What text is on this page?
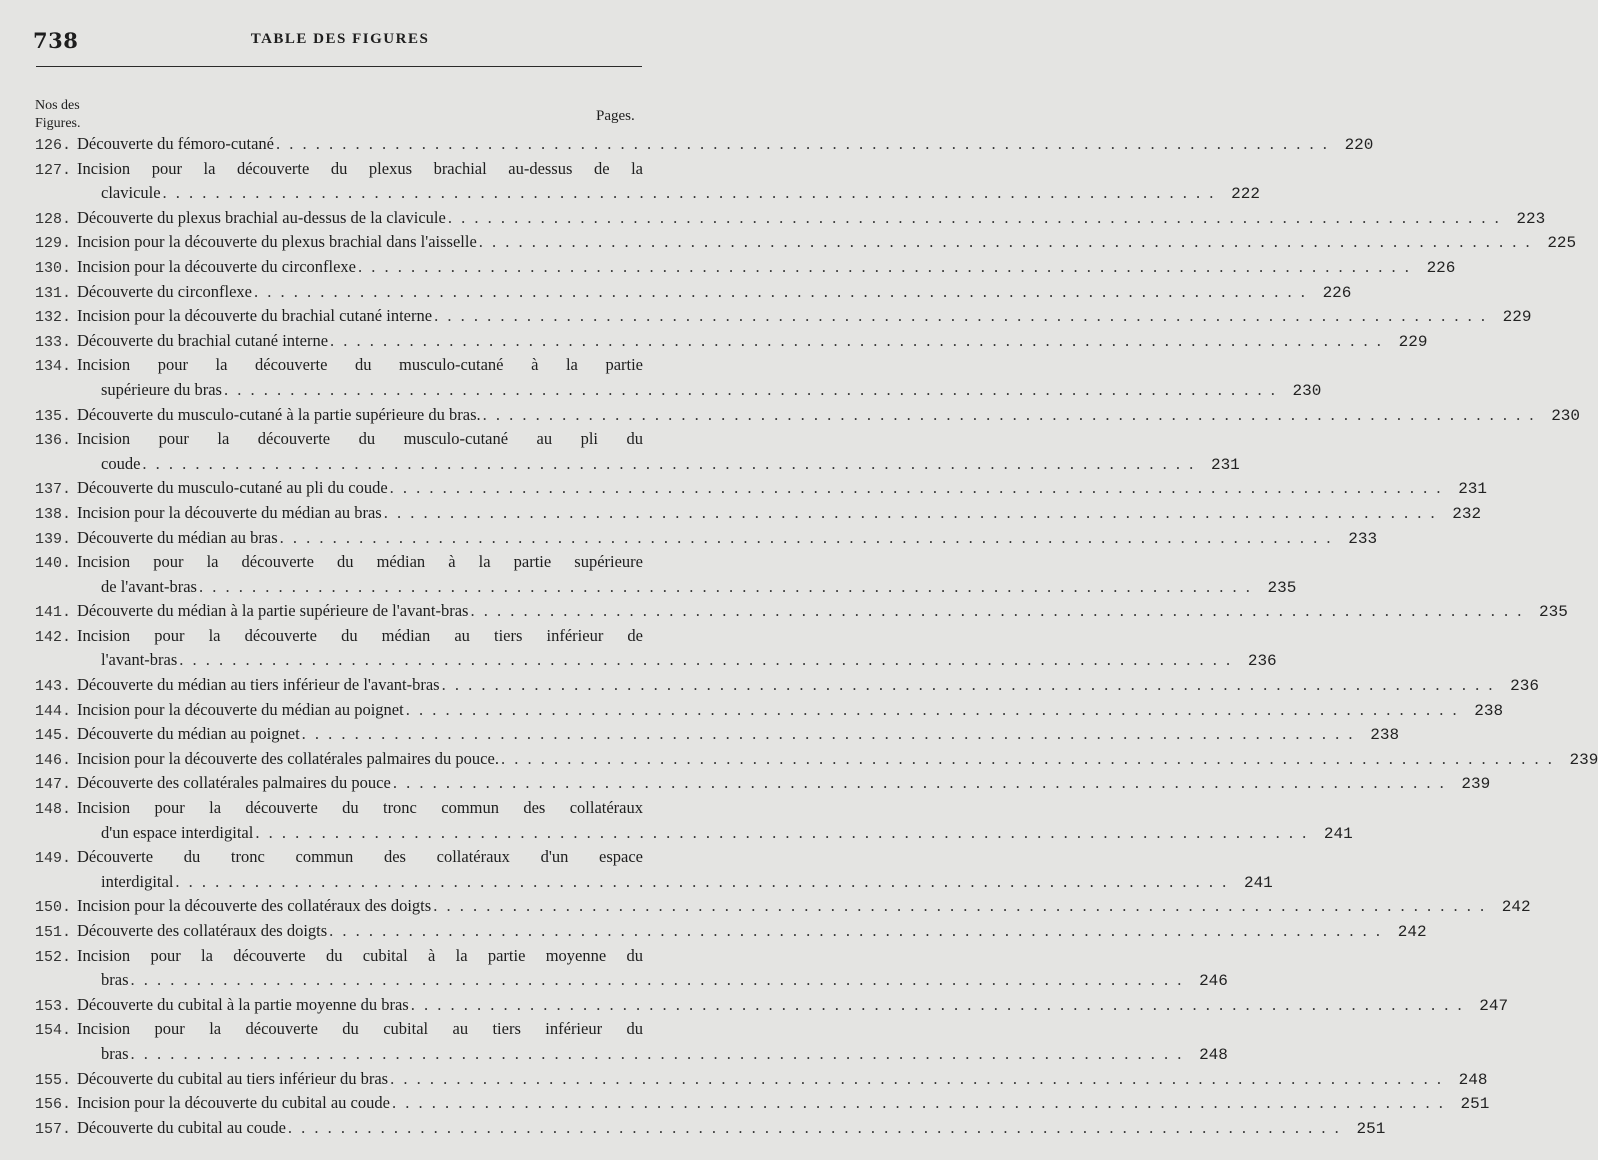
738	TABLE DES FIGURES
Nos des
Figures.	Pages.
126. Découverte du fémoro-cutané . . . . . . . . . . . . . . . . . . . . . . . . . . . . . . . . . . . . . . . . . . . . . . . . . . . . . . . . . . . . . . . . . . . . . . . . . . . . . . . . 220
127. Incision pour la découverte du plexus brachial au-dessus de la
clavicule . . . . . . . . . . . . . . . . . . . . . . . . . . . . . . . . . . . . . . . . . . . . . . . . . . . . . . . . . . . . . . . . . . . . . . . . . . . . . . . . 222
128. Découverte du plexus brachial au-dessus de la clavicule . . . . . . . . . . . . . . . . . . . . . . . . . . . . . . . . . . . . . . . . . . . . . . . . . . . . . . . . . . . . . . . . . . . . . . . . . . . . . . . . 223
129. Incision pour la découverte du plexus brachial dans l'aisselle . . . . . . . . . . . . . . . . . . . . . . . . . . . . . . . . . . . . . . . . . . . . . . . . . . . . . . . . . . . . . . . . . . . . . . . . . . . . . . . . 225
130. Incision pour la découverte du circonflexe . . . . . . . . . . . . . . . . . . . . . . . . . . . . . . . . . . . . . . . . . . . . . . . . . . . . . . . . . . . . . . . . . . . . . . . . . . . . . . . . 226
131. Découverte du circonflexe . . . . . . . . . . . . . . . . . . . . . . . . . . . . . . . . . . . . . . . . . . . . . . . . . . . . . . . . . . . . . . . . . . . . . . . . . . . . . . . . 226
132. Incision pour la découverte du brachial cutané interne . . . . . . . . . . . . . . . . . . . . . . . . . . . . . . . . . . . . . . . . . . . . . . . . . . . . . . . . . . . . . . . . . . . . . . . . . . . . . . . . 229
133. Découverte du brachial cutané interne . . . . . . . . . . . . . . . . . . . . . . . . . . . . . . . . . . . . . . . . . . . . . . . . . . . . . . . . . . . . . . . . . . . . . . . . . . . . . . . . 229
134. Incision pour la découverte du musculo-cutané à la partie
supérieure du bras . . . . . . . . . . . . . . . . . . . . . . . . . . . . . . . . . . . . . . . . . . . . . . . . . . . . . . . . . . . . . . . . . . . . . . . . . . . . . . . . 230
135. Découverte du musculo-cutané à la partie supérieure du bras. . . . . . . . . . . . . . . . . . . . . . . . . . . . . . . . . . . . . . . . . . . . . . . . . . . . . . . . . . . . . . . . . . . . . . . . . . . . . . . . . 230
136. Incision pour la découverte du musculo-cutané au pli du
coude . . . . . . . . . . . . . . . . . . . . . . . . . . . . . . . . . . . . . . . . . . . . . . . . . . . . . . . . . . . . . . . . . . . . . . . . . . . . . . . . 231
137. Découverte du musculo-cutané au pli du coude . . . . . . . . . . . . . . . . . . . . . . . . . . . . . . . . . . . . . . . . . . . . . . . . . . . . . . . . . . . . . . . . . . . . . . . . . . . . . . . . 231
138. Incision pour la découverte du médian au bras . . . . . . . . . . . . . . . . . . . . . . . . . . . . . . . . . . . . . . . . . . . . . . . . . . . . . . . . . . . . . . . . . . . . . . . . . . . . . . . . 232
139. Découverte du médian au bras . . . . . . . . . . . . . . . . . . . . . . . . . . . . . . . . . . . . . . . . . . . . . . . . . . . . . . . . . . . . . . . . . . . . . . . . . . . . . . . . 233
140. Incision pour la découverte du médian à la partie supérieure
de l'avant-bras . . . . . . . . . . . . . . . . . . . . . . . . . . . . . . . . . . . . . . . . . . . . . . . . . . . . . . . . . . . . . . . . . . . . . . . . . . . . . . . . 235
141. Découverte du médian à la partie supérieure de l'avant-bras . . . . . . . . . . . . . . . . . . . . . . . . . . . . . . . . . . . . . . . . . . . . . . . . . . . . . . . . . . . . . . . . . . . . . . . . . . . . . . . . 235
142. Incision pour la découverte du médian au tiers inférieur de
l'avant-bras . . . . . . . . . . . . . . . . . . . . . . . . . . . . . . . . . . . . . . . . . . . . . . . . . . . . . . . . . . . . . . . . . . . . . . . . . . . . . . . . 236
143. Découverte du médian au tiers inférieur de l'avant-bras . . . . . . . . . . . . . . . . . . . . . . . . . . . . . . . . . . . . . . . . . . . . . . . . . . . . . . . . . . . . . . . . . . . . . . . . . . . . . . . . 236
144. Incision pour la découverte du médian au poignet . . . . . . . . . . . . . . . . . . . . . . . . . . . . . . . . . . . . . . . . . . . . . . . . . . . . . . . . . . . . . . . . . . . . . . . . . . . . . . . . 238
145. Découverte du médian au poignet . . . . . . . . . . . . . . . . . . . . . . . . . . . . . . . . . . . . . . . . . . . . . . . . . . . . . . . . . . . . . . . . . . . . . . . . . . . . . . . . 238
146. Incision pour la découverte des collatérales palmaires du pouce. . . . . . . . . . . . . . . . . . . . . . . . . . . . . . . . . . . . . . . . . . . . . . . . . . . . . . . . . . . . . . . . . . . . . . . . . . . . . . . . . 239
147. Découverte des collatérales palmaires du pouce . . . . . . . . . . . . . . . . . . . . . . . . . . . . . . . . . . . . . . . . . . . . . . . . . . . . . . . . . . . . . . . . . . . . . . . . . . . . . . . . 239
148. Incision pour la découverte du tronc commun des collatéraux
d'un espace interdigital . . . . . . . . . . . . . . . . . . . . . . . . . . . . . . . . . . . . . . . . . . . . . . . . . . . . . . . . . . . . . . . . . . . . . . . . . . . . . . . . 241
149. Découverte du tronc commun des collatéraux d'un espace
interdigital . . . . . . . . . . . . . . . . . . . . . . . . . . . . . . . . . . . . . . . . . . . . . . . . . . . . . . . . . . . . . . . . . . . . . . . . . . . . . . . . 241
150. Incision pour la découverte des collatéraux des doigts . . . . . . . . . . . . . . . . . . . . . . . . . . . . . . . . . . . . . . . . . . . . . . . . . . . . . . . . . . . . . . . . . . . . . . . . . . . . . . . . 242
151. Découverte des collatéraux des doigts . . . . . . . . . . . . . . . . . . . . . . . . . . . . . . . . . . . . . . . . . . . . . . . . . . . . . . . . . . . . . . . . . . . . . . . . . . . . . . . . 242
152. Incision pour la découverte du cubital à la partie moyenne du
bras . . . . . . . . . . . . . . . . . . . . . . . . . . . . . . . . . . . . . . . . . . . . . . . . . . . . . . . . . . . . . . . . . . . . . . . . . . . . . . . . 246
153. Découverte du cubital à la partie moyenne du bras . . . . . . . . . . . . . . . . . . . . . . . . . . . . . . . . . . . . . . . . . . . . . . . . . . . . . . . . . . . . . . . . . . . . . . . . . . . . . . . . 247
154. Incision pour la découverte du cubital au tiers inférieur du
bras . . . . . . . . . . . . . . . . . . . . . . . . . . . . . . . . . . . . . . . . . . . . . . . . . . . . . . . . . . . . . . . . . . . . . . . . . . . . . . . . 248
155. Découverte du cubital au tiers inférieur du bras . . . . . . . . . . . . . . . . . . . . . . . . . . . . . . . . . . . . . . . . . . . . . . . . . . . . . . . . . . . . . . . . . . . . . . . . . . . . . . . . 248
156. Incision pour la découverte du cubital au coude . . . . . . . . . . . . . . . . . . . . . . . . . . . . . . . . . . . . . . . . . . . . . . . . . . . . . . . . . . . . . . . . . . . . . . . . . . . . . . . . 251
157. Découverte du cubital au coude . . . . . . . . . . . . . . . . . . . . . . . . . . . . . . . . . . . . . . . . . . . . . . . . . . . . . . . . . . . . . . . . . . . . . . . . . . . . . . . . 251
